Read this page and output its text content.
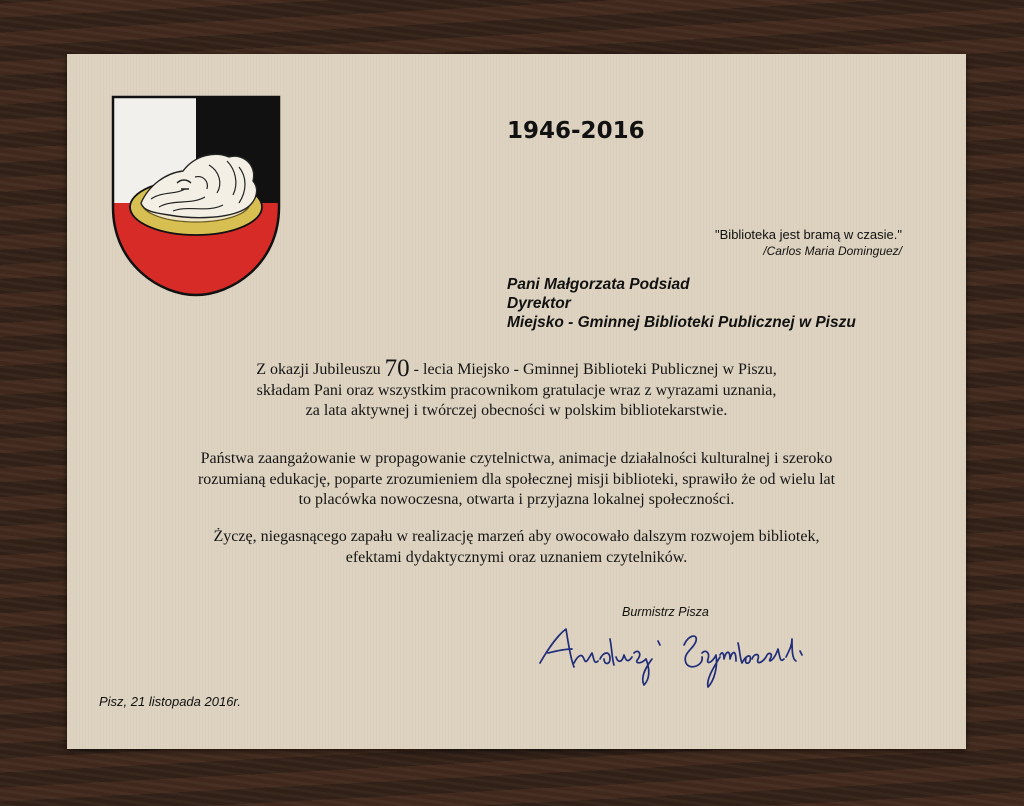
1946-2016
"Biblioteka jest bramą w czasie."
/Carlos Maria Dominguez/
Pani Małgorzata Podsiad
Dyrektor
Miejsko - Gminnej Biblioteki Publicznej w Piszu
Z okazji Jubileuszu 70 - lecia Miejsko - Gminnej Biblioteki Publicznej w Piszu,
składam Pani oraz wszystkim pracownikom gratulacje wraz z wyrazami uznania,
za lata aktywnej i twórczej obecności w polskim bibliotekarstwie.
Państwa zaangażowanie w propagowanie czytelnictwa, animacje działalności kulturalnej i szeroko
rozumianą edukację, poparte zrozumieniem dla społecznej misji biblioteki, sprawiło że od wielu lat
to placówka nowoczesna, otwarta i przyjazna lokalnej społeczności.
Życzę, niegasnącego zapału w realizację marzeń aby owocowało dalszym rozwojem bibliotek,
efektami dydaktycznymi oraz uznaniem czytelników.
Burmistrz Pisza
Pisz, 21 listopada 2016r.
